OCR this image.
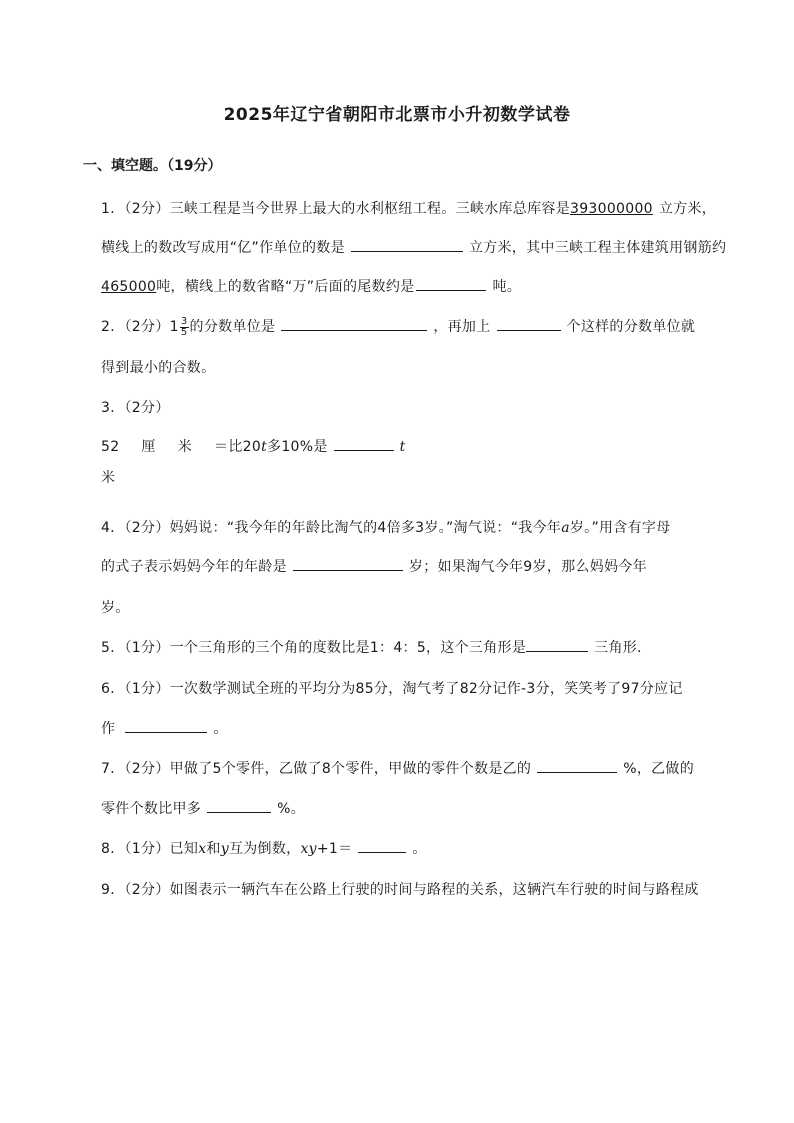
2025年辽宁省朝阳市北票市小升初数学试卷
一、填空题。（19分）
1．（2分）三峡工程是当今世界上最大的水利枢纽工程。三峡水库总库容是393000000 立方米，
横线上的数改写成用“亿”作单位的数是	立方米，其中三峡工程主体建筑用钢筋约
465000吨，横线上的数省略“万”后面的尾数约是	吨。
2．（2分）$1 \frac{3}{5}$ 的分数单位是	，再加上	个这样的分数单位就
得到最小的合数。
3．（2分）
52 厘 米 ＝比20t多10%是	t
米
4．（2分）妈妈说：“我今年的年龄比淘气的4倍多3岁。”淘气说：“我今年a岁。”用含有字母
的式子表示妈妈今年的年龄是	岁；如果淘气今年9岁，那么妈妈今年
岁。
5．（1分）一个三角形的三个角的度数比是1：4：5，这个三角形是	三角形．
6．（1分）一次数学测试全班的平均分为85分，淘气考了82分记作-3分，笑笑考了97分应记
作	。
7．（2分）甲做了5个零件，乙做了8个零件，甲做的零件个数是乙的	%，乙做的
零件个数比甲多	%。
8．（1分）已知x和y互为倒数，xy+1＝	。
9．（2分）如图表示一辆汽车在公路上行驶的时间与路程的关系，这辆汽车行驶的时间与路程成
